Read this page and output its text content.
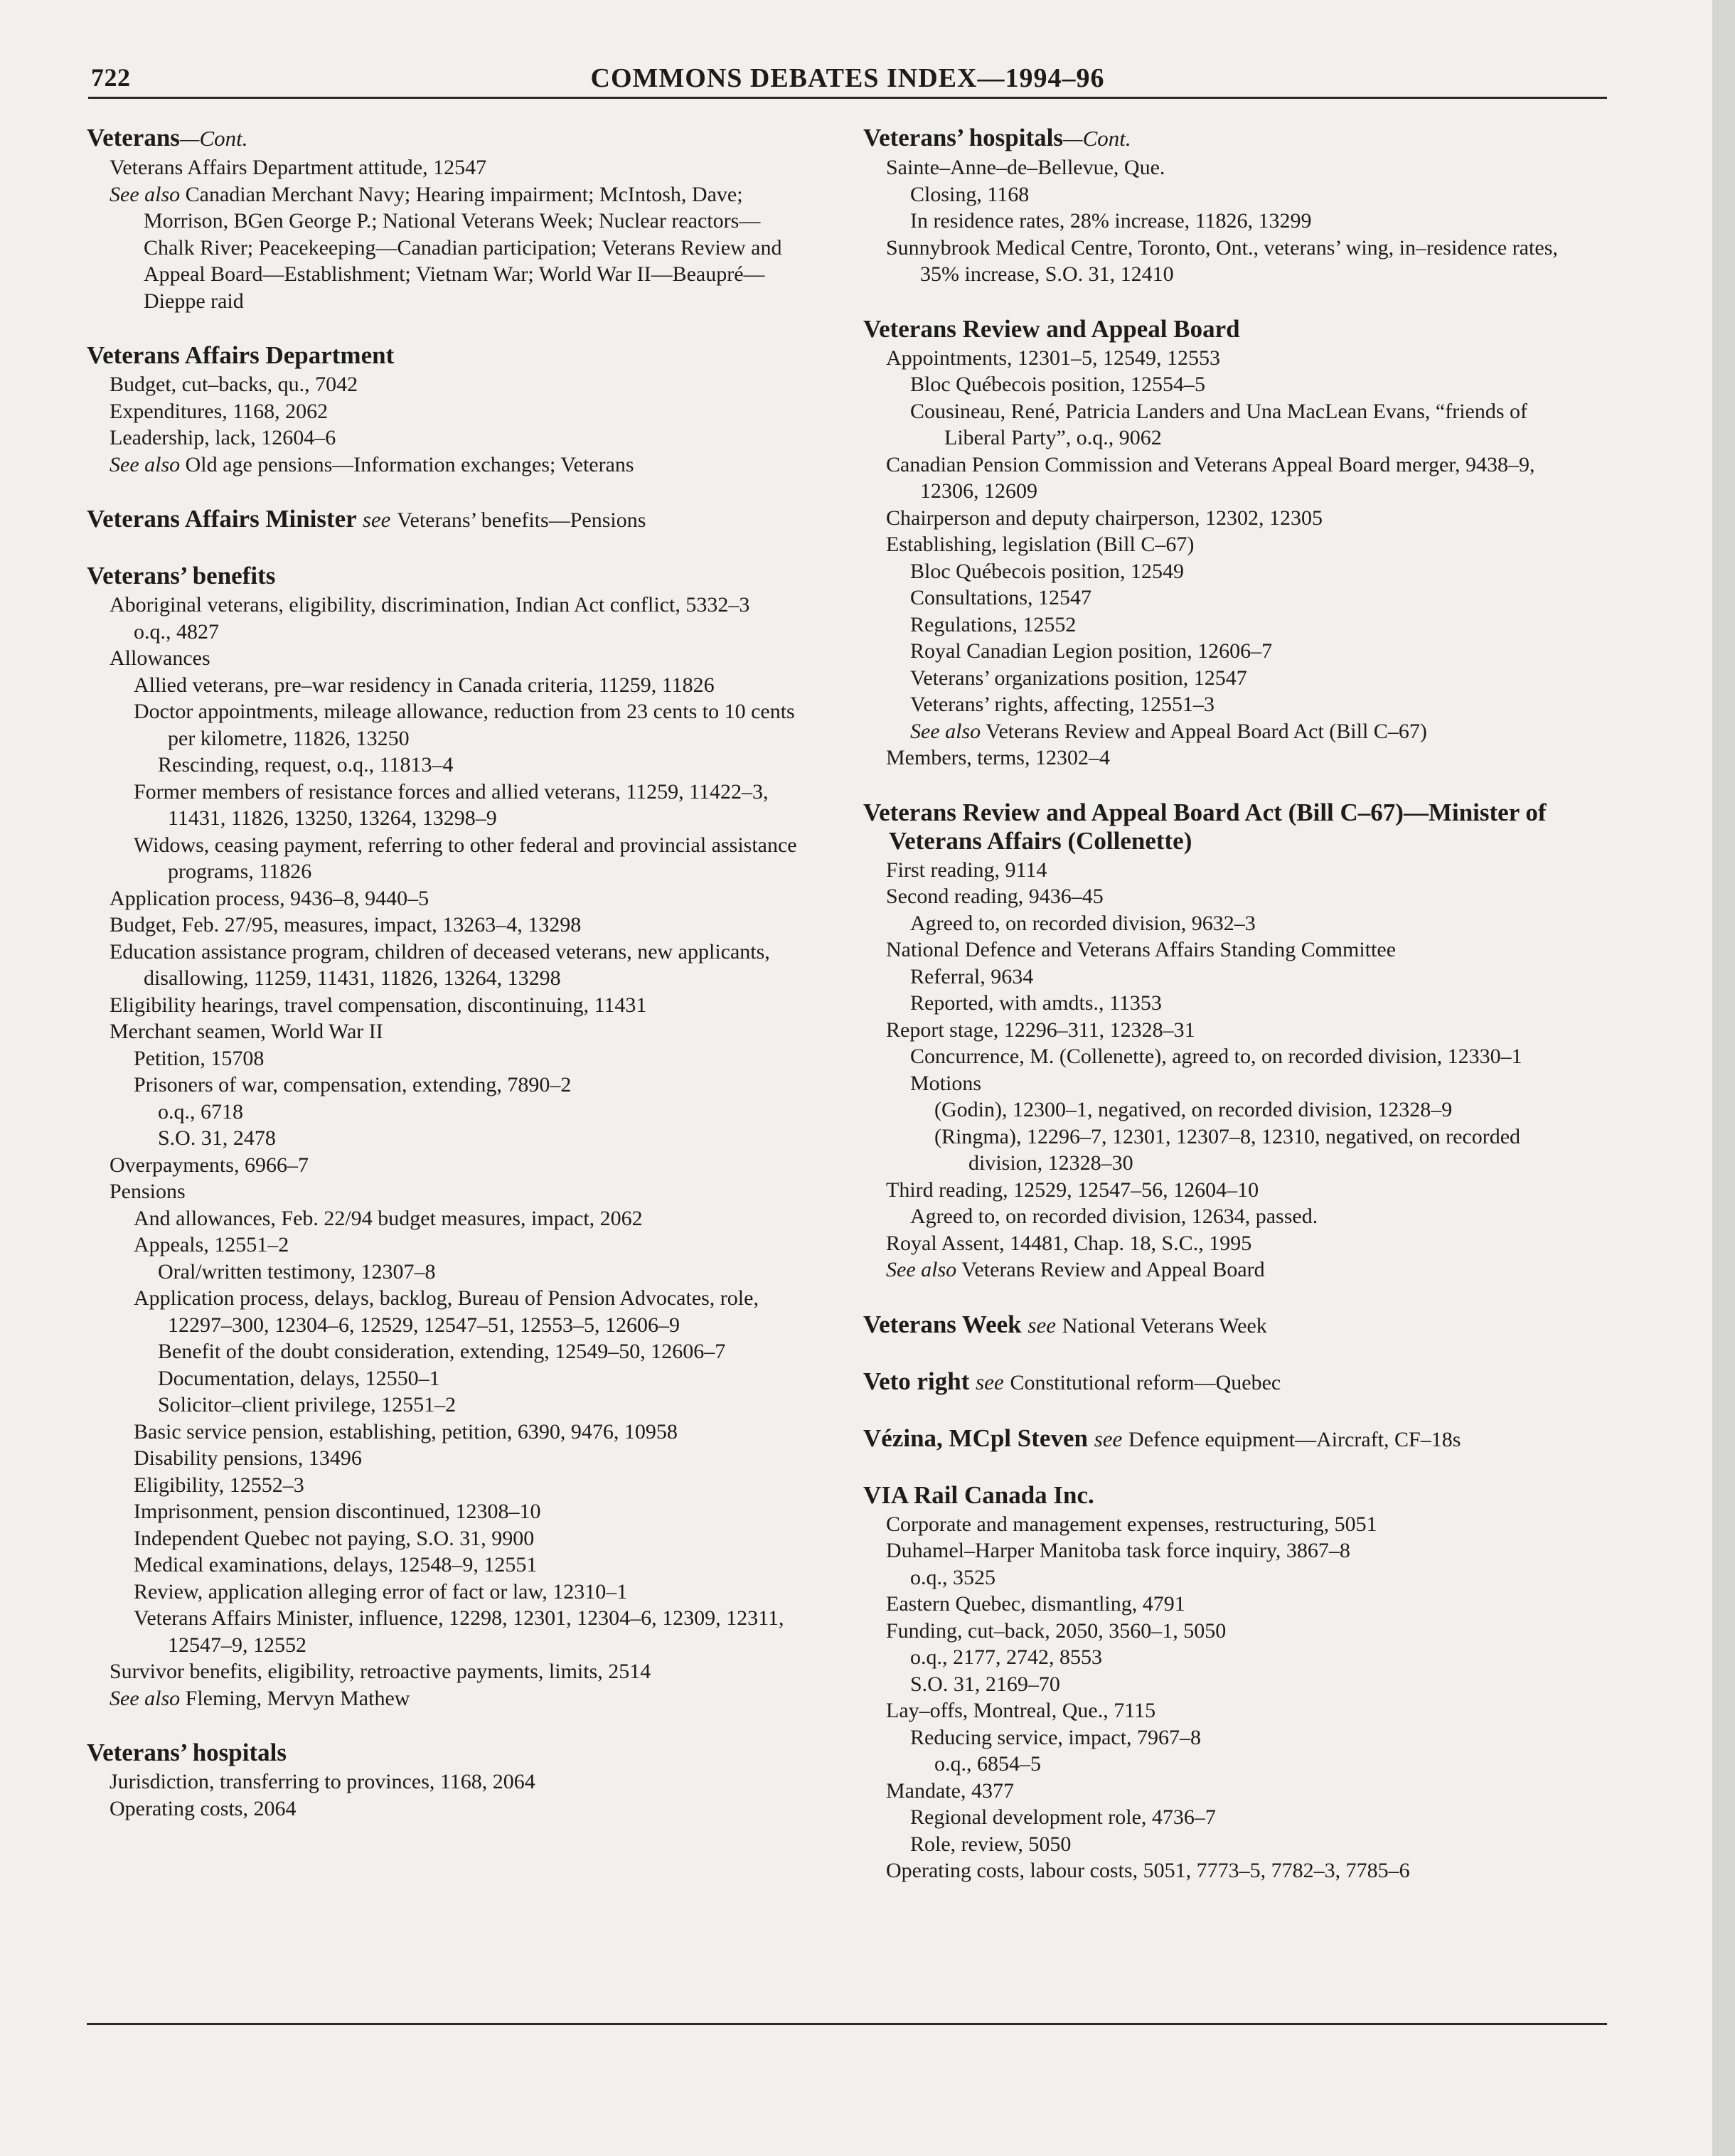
722	COMMONS DEBATES INDEX—1994–96
Veterans—Cont.
Veterans Affairs Department attitude, 12547
See also Canadian Merchant Navy; Hearing impairment; McIntosh, Dave; Morrison, BGen George P.; National Veterans Week; Nuclear reactors—Chalk River; Peacekeeping—Canadian participation; Veterans Review and Appeal Board—Establishment; Vietnam War; World War II—Beaupré—Dieppe raid
Veterans Affairs Department
Budget, cut–backs, qu., 7042
Expenditures, 1168, 2062
Leadership, lack, 12604–6
See also Old age pensions—Information exchanges; Veterans
Veterans Affairs Minister see Veterans’ benefits—Pensions
Veterans’ benefits
Aboriginal veterans, eligibility, discrimination, Indian Act conflict, 5332–3
o.q., 4827
Allowances
Allied veterans, pre–war residency in Canada criteria, 11259, 11826
Doctor appointments, mileage allowance, reduction from 23 cents to 10 cents per kilometre, 11826, 13250
Rescinding, request, o.q., 11813–4
Former members of resistance forces and allied veterans, 11259, 11422–3, 11431, 11826, 13250, 13264, 13298–9
Widows, ceasing payment, referring to other federal and provincial assistance programs, 11826
Application process, 9436–8, 9440–5
Budget, Feb. 27/95, measures, impact, 13263–4, 13298
Education assistance program, children of deceased veterans, new applicants, disallowing, 11259, 11431, 11826, 13264, 13298
Eligibility hearings, travel compensation, discontinuing, 11431
Merchant seamen, World War II
Petition, 15708
Prisoners of war, compensation, extending, 7890–2
o.q., 6718
S.O. 31, 2478
Overpayments, 6966–7
Pensions
And allowances, Feb. 22/94 budget measures, impact, 2062
Appeals, 12551–2
Oral/written testimony, 12307–8
Application process, delays, backlog, Bureau of Pension Advocates, role, 12297–300, 12304–6, 12529, 12547–51, 12553–5, 12606–9
Benefit of the doubt consideration, extending, 12549–50, 12606–7
Documentation, delays, 12550–1
Solicitor–client privilege, 12551–2
Basic service pension, establishing, petition, 6390, 9476, 10958
Disability pensions, 13496
Eligibility, 12552–3
Imprisonment, pension discontinued, 12308–10
Independent Quebec not paying, S.O. 31, 9900
Medical examinations, delays, 12548–9, 12551
Review, application alleging error of fact or law, 12310–1
Veterans Affairs Minister, influence, 12298, 12301, 12304–6, 12309, 12311, 12547–9, 12552
Survivor benefits, eligibility, retroactive payments, limits, 2514
See also Fleming, Mervyn Mathew
Veterans’ hospitals
Jurisdiction, transferring to provinces, 1168, 2064
Operating costs, 2064
Veterans’ hospitals—Cont.
Sainte–Anne–de–Bellevue, Que.
Closing, 1168
In residence rates, 28% increase, 11826, 13299
Sunnybrook Medical Centre, Toronto, Ont., veterans’ wing, in–residence rates, 35% increase, S.O. 31, 12410
Veterans Review and Appeal Board
Appointments, 12301–5, 12549, 12553
Bloc Québecois position, 12554–5
Cousineau, René, Patricia Landers and Una MacLean Evans, “friends of Liberal Party”, o.q., 9062
Canadian Pension Commission and Veterans Appeal Board merger, 9438–9, 12306, 12609
Chairperson and deputy chairperson, 12302, 12305
Establishing, legislation (Bill C–67)
Bloc Québecois position, 12549
Consultations, 12547
Regulations, 12552
Royal Canadian Legion position, 12606–7
Veterans’ organizations position, 12547
Veterans’ rights, affecting, 12551–3
See also Veterans Review and Appeal Board Act (Bill C–67)
Members, terms, 12302–4
Veterans Review and Appeal Board Act (Bill C–67)—Minister of Veterans Affairs (Collenette)
First reading, 9114
Second reading, 9436–45
Agreed to, on recorded division, 9632–3
National Defence and Veterans Affairs Standing Committee
Referral, 9634
Reported, with amdts., 11353
Report stage, 12296–311, 12328–31
Concurrence, M. (Collenette), agreed to, on recorded division, 12330–1
Motions
(Godin), 12300–1, negatived, on recorded division, 12328–9
(Ringma), 12296–7, 12301, 12307–8, 12310, negatived, on recorded division, 12328–30
Third reading, 12529, 12547–56, 12604–10
Agreed to, on recorded division, 12634, passed.
Royal Assent, 14481, Chap. 18, S.C., 1995
See also Veterans Review and Appeal Board
Veterans Week see National Veterans Week
Veto right see Constitutional reform—Quebec
Vézina, MCpl Steven see Defence equipment—Aircraft, CF–18s
VIA Rail Canada Inc.
Corporate and management expenses, restructuring, 5051
Duhamel–Harper Manitoba task force inquiry, 3867–8
o.q., 3525
Eastern Quebec, dismantling, 4791
Funding, cut–back, 2050, 3560–1, 5050
o.q., 2177, 2742, 8553
S.O. 31, 2169–70
Lay–offs, Montreal, Que., 7115
Reducing service, impact, 7967–8
o.q., 6854–5
Mandate, 4377
Regional development role, 4736–7
Role, review, 5050
Operating costs, labour costs, 5051, 7773–5, 7782–3, 7785–6
